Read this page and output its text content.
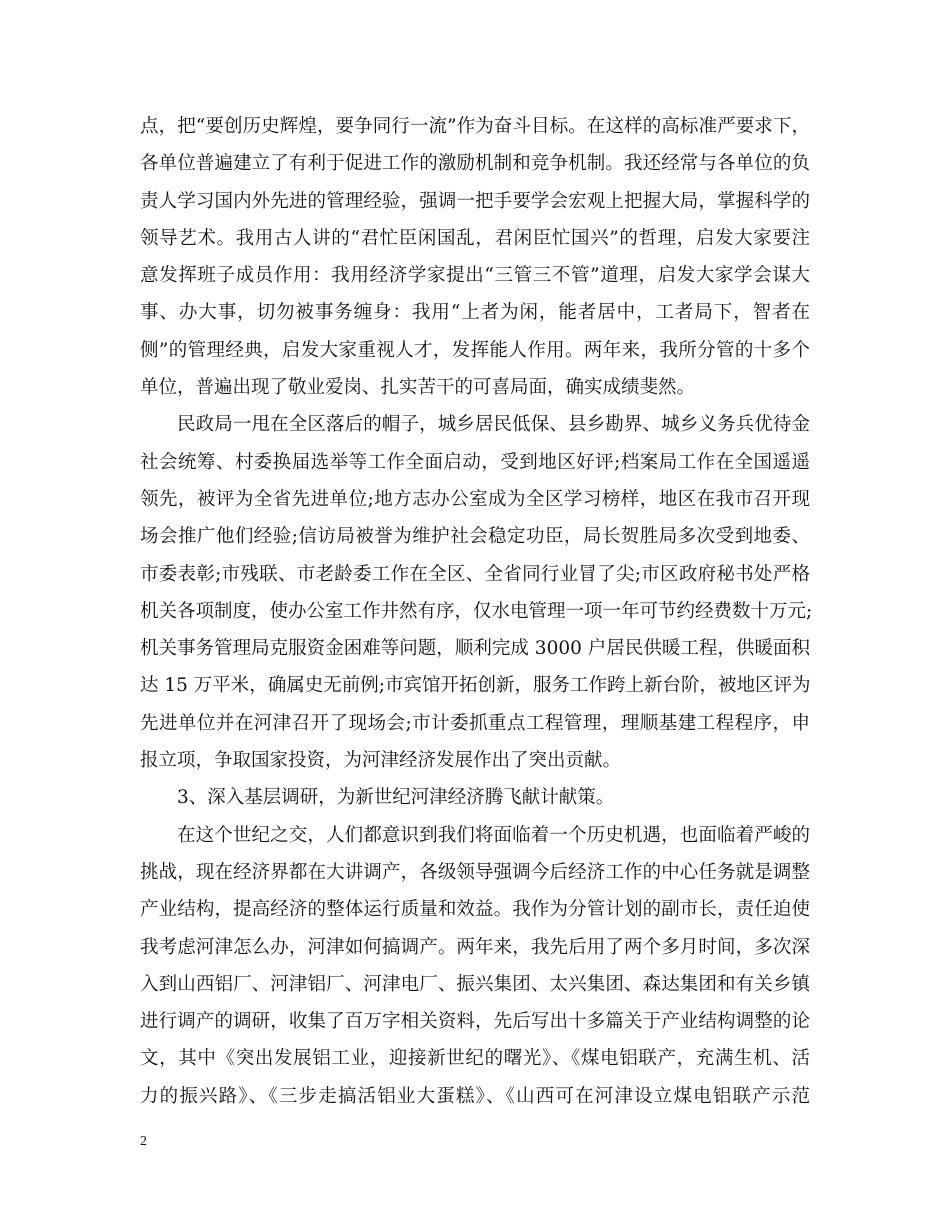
点，把“要创历史辉煌，要争同行一流”作为奋斗目标。在这样的高标准严要求下，
各单位普遍建立了有利于促进工作的激励机制和竞争机制。我还经常与各单位的负
责人学习国内外先进的管理经验，强调一把手要学会宏观上把握大局，掌握科学的
领导艺术。我用古人讲的“君忙臣闲国乱，君闲臣忙国兴”的哲理，启发大家要注
意发挥班子成员作用：我用经济学家提出“三管三不管”道理，启发大家学会谋大
事、办大事，切勿被事务缠身：我用“上者为闲，能者居中，工者局下，智者在
侧”的管理经典，启发大家重视人才，发挥能人作用。两年来，我所分管的十多个
单位，普遍出现了敬业爱岗、扎实苦干的可喜局面，确实成绩斐然。
民政局一甩在全区落后的帽子，城乡居民低保、县乡勘界、城乡义务兵优待金
社会统筹、村委换届选举等工作全面启动，受到地区好评;档案局工作在全国遥遥
领先，被评为全省先进单位;地方志办公室成为全区学习榜样，地区在我市召开现
场会推广他们经验;信访局被誉为维护社会稳定功臣，局长贺胜局多次受到地委、
市委表彰;市残联、市老龄委工作在全区、全省同行业冒了尖;市区政府秘书处严格
机关各项制度，使办公室工作井然有序，仅水电管理一项一年可节约经费数十万元;
机关事务管理局克服资金困难等问题，顺利完成 3000 户居民供暖工程，供暖面积
达 15 万平米，确属史无前例;市宾馆开拓创新，服务工作跨上新台阶，被地区评为
先进单位并在河津召开了现场会;市计委抓重点工程管理，理顺基建工程程序，申
报立项，争取国家投资，为河津经济发展作出了突出贡献。
3、深入基层调研，为新世纪河津经济腾飞献计献策。
在这个世纪之交，人们都意识到我们将面临着一个历史机遇，也面临着严峻的
挑战，现在经济界都在大讲调产，各级领导强调今后经济工作的中心任务就是调整
产业结构，提高经济的整体运行质量和效益。我作为分管计划的副市长，责任迫使
我考虑河津怎么办，河津如何搞调产。两年来，我先后用了两个多月时间，多次深
入到山西铝厂、河津铝厂、河津电厂、振兴集团、太兴集团、森达集团和有关乡镇
进行调产的调研，收集了百万字相关资料，先后写出十多篇关于产业结构调整的论
文，其中《突出发展铝工业，迎接新世纪的曙光》、《煤电铝联产，充满生机、活
力的振兴路》、《三步走搞活铝业大蛋糕》、《山西可在河津设立煤电铝联产示范
2
